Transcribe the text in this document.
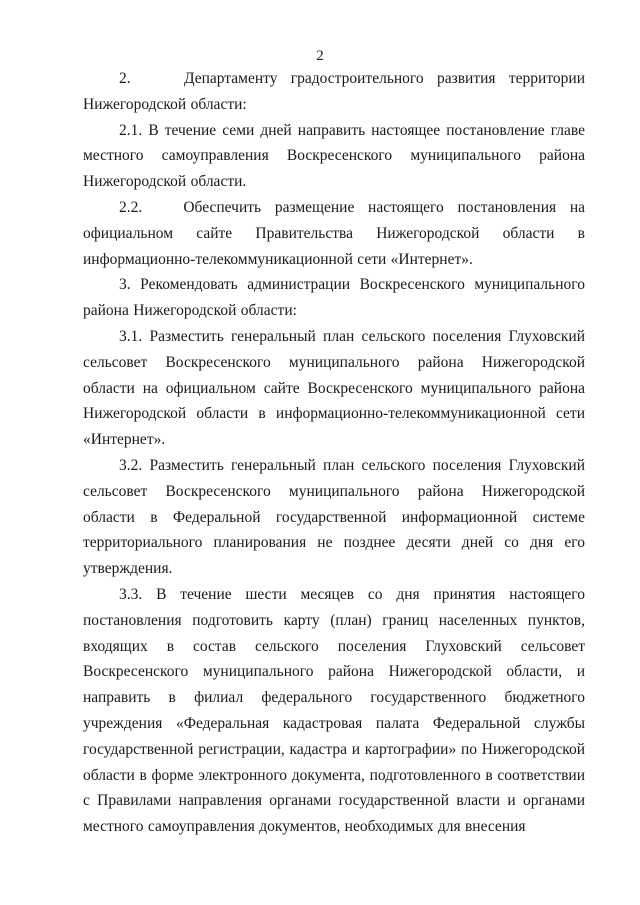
2

2.    Департаменту градостроительного развития территории Нижегородской области:

2.1. В течение семи дней направить настоящее постановление главе местного самоуправления Воскресенского муниципального района Нижегородской области.

2.2.   Обеспечить размещение настоящего постановления на официальном сайте Правительства Нижегородской области в информационно-телекоммуникационной сети «Интернет».

3. Рекомендовать администрации Воскресенского муниципального района Нижегородской области:

3.1. Разместить генеральный план сельского поселения Глуховский сельсовет Воскресенского муниципального района Нижегородской области на официальном сайте Воскресенского муниципального района Нижегородской области в информационно-телекоммуникационной сети «Интернет».

3.2. Разместить генеральный план сельского поселения Глуховский сельсовет Воскресенского муниципального района Нижегородской области в Федеральной государственной информационной системе территориального планирования не позднее десяти дней со дня его утверждения.

3.3. В течение шести месяцев со дня принятия настоящего постановления подготовить карту (план) границ населенных пунктов, входящих в состав сельского поселения Глуховский сельсовет Воскресенского муниципального района Нижегородской области, и направить в филиал федерального государственного бюджетного учреждения «Федеральная кадастровая палата Федеральной службы государственной регистрации, кадастра и картографии» по Нижегородской области в форме электронного документа, подготовленного в соответствии с Правилами направления органами государственной власти и органами местного самоуправления документов, необходимых для внесения
